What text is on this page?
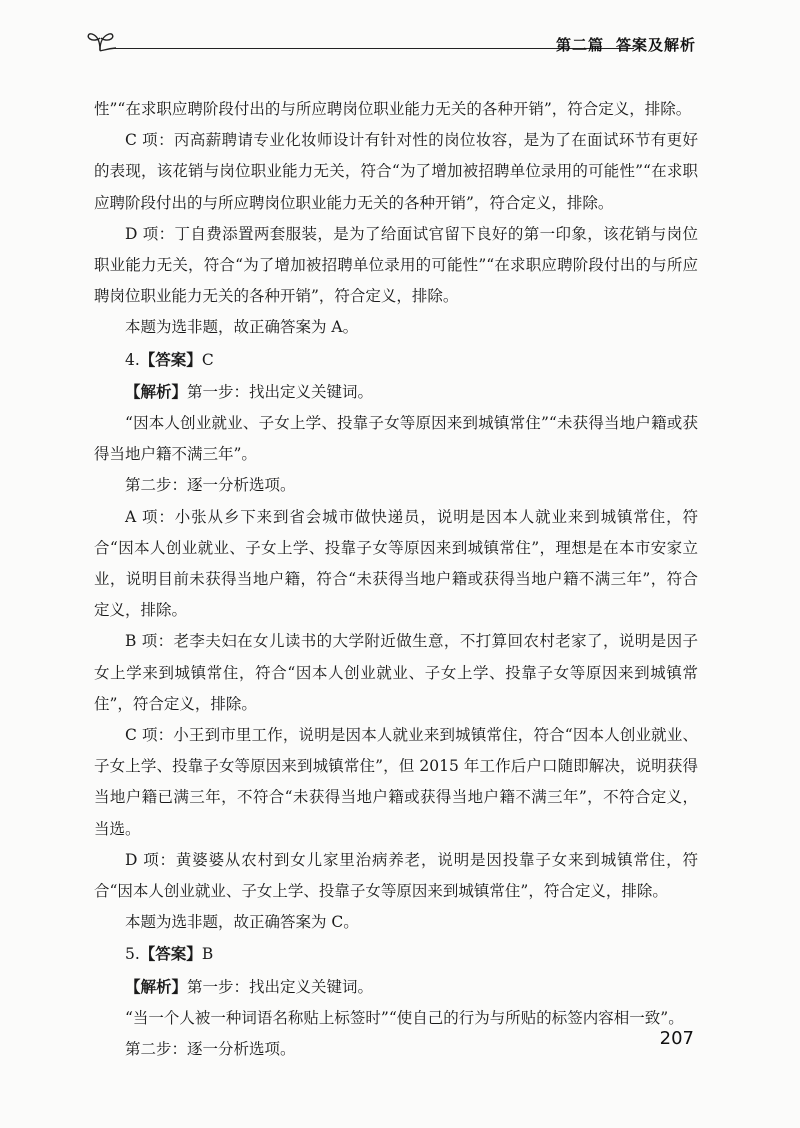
第二篇 答案及解析

性”“在求职应聘阶段付出的与所应聘岗位职业能力无关的各种开销”，符合定义，排除。

C 项：丙高薪聘请专业化妆师设计有针对性的岗位妆容，是为了在面试环节有更好的表现，该花销与岗位职业能力无关，符合“为了增加被招聘单位录用的可能性”“在求职应聘阶段付出的与所应聘岗位职业能力无关的各种开销”，符合定义，排除。

D 项：丁自费添置两套服装，是为了给面试官留下良好的第一印象，该花销与岗位职业能力无关，符合“为了增加被招聘单位录用的可能性”“在求职应聘阶段付出的与所应聘岗位职业能力无关的各种开销”，符合定义，排除。

本题为选非题，故正确答案为 A。

4.【答案】C

【解析】第一步：找出定义关键词。

“因本人创业就业、子女上学、投靠子女等原因来到城镇常住”“未获得当地户籍或获得当地户籍不满三年”。

第二步：逐一分析选项。

A 项：小张从乡下来到省会城市做快递员，说明是因本人就业来到城镇常住，符合“因本人创业就业、子女上学、投靠子女等原因来到城镇常住”，理想是在本市安家立业，说明目前未获得当地户籍，符合“未获得当地户籍或获得当地户籍不满三年”，符合定义，排除。

B 项：老李夫妇在女儿读书的大学附近做生意，不打算回农村老家了，说明是因子女上学来到城镇常住，符合“因本人创业就业、子女上学、投靠子女等原因来到城镇常住”，符合定义，排除。

C 项：小王到市里工作，说明是因本人就业来到城镇常住，符合“因本人创业就业、子女上学、投靠子女等原因来到城镇常住”，但 2015 年工作后户口随即解决，说明获得当地户籍已满三年，不符合“未获得当地户籍或获得当地户籍不满三年”，不符合定义，当选。

D 项：黄婆婆从农村到女儿家里治病养老，说明是因投靠子女来到城镇常住，符合“因本人创业就业、子女上学、投靠子女等原因来到城镇常住”，符合定义，排除。

本题为选非题，故正确答案为 C。

5.【答案】B

【解析】第一步：找出定义关键词。

“当一个人被一种词语名称贴上标签时”“使自己的行为与所贴的标签内容相一致”。

第二步：逐一分析选项。

207
